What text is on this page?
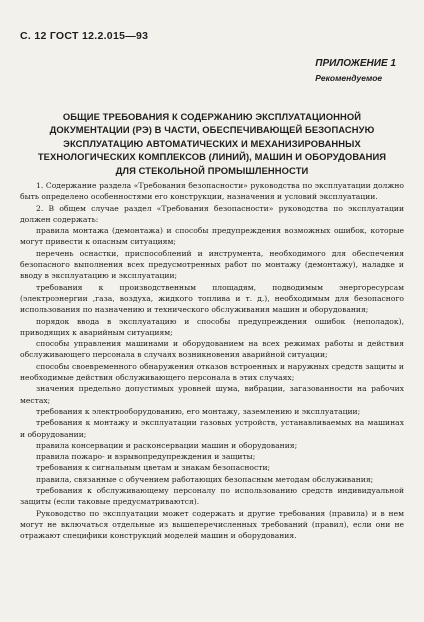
С. 12 ГОСТ 12.2.015—93
ПРИЛОЖЕНИЕ 1
Рекомендуемое
ОБЩИЕ ТРЕБОВАНИЯ К СОДЕРЖАНИЮ ЭКСПЛУАТАЦИОННОЙ ДОКУМЕНТАЦИИ (РЭ) В ЧАСТИ, ОБЕСПЕЧИВАЮЩЕЙ БЕЗОПАСНУЮ ЭКСПЛУАТАЦИЮ АВТОМАТИЧЕСКИХ И МЕХАНИЗИРОВАННЫХ ТЕХНОЛОГИЧЕСКИХ КОМПЛЕКСОВ (ЛИНИЙ), МАШИН И ОБОРУДОВАНИЯ ДЛЯ СТЕКОЛЬНОЙ ПРОМЫШЛЕННОСТИ

1. Содержание раздела «Требования безопасности» руководства по эксплуатации должно быть определено особенностями его конструкции, назначения и условий эксплуатации.

2. В общем случае раздел «Требования безопасности» руководства по эксплуатации должен содержать:

правила монтажа (демонтажа) и способы предупреждения возможных ошибок, которые могут привести к опасным ситуациям;

перечень оснастки, приспособлений и инструмента, необходимого для обеспечения безопасного выполнения всех предусмотренных работ по монтажу (демонтажу), наладке и вводу в эксплуатацию и эксплуатации;

требования к производственным площадям, подводимым энергоресурсам (электроэнергии ,газа, воздуха, жидкого топлива и т. д.), необходимым для безопасного использования по назначению и технического обслуживания машин и оборудования;

порядок ввода в эксплуатацию и способы предупреждения ошибок (неполадок), приводящих к аварийным ситуациям;

способы управления машинами и оборудованием на всех режимах работы и действия обслуживающего персонала в случаях возникновения аварийной ситуации;

способы своевременного обнаружения отказов встроенных и наружных средств защиты и необходимые действия обслуживающего персонала в этих случаях;

значения предельно допустимых уровней шума, вибрации, загазованности на рабочих местах;

требования к электрооборудованию, его монтажу, заземлению и эксплуатации;

требования к монтажу и эксплуатации газовых устройств, устанавливаемых на машинах и оборудовании;

правила консервации и расконсервации машин и оборудования;

правила пожаро- и взрывопредупреждения и защиты;

требования к сигнальным цветам и знакам безопасности;

правила, связанные с обучением работающих безопасным методам обслуживания;

требования к обслуживающему персоналу по использованию средств индивидуальной защиты (если таковые предусматриваются).

Руководство по эксплуатации может содержать и другие требования (правила) и в нем могут не включаться отдельные из вышеперечисленных требований (правил), если они не отражают специфики конструкций моделей машин и оборудования.
